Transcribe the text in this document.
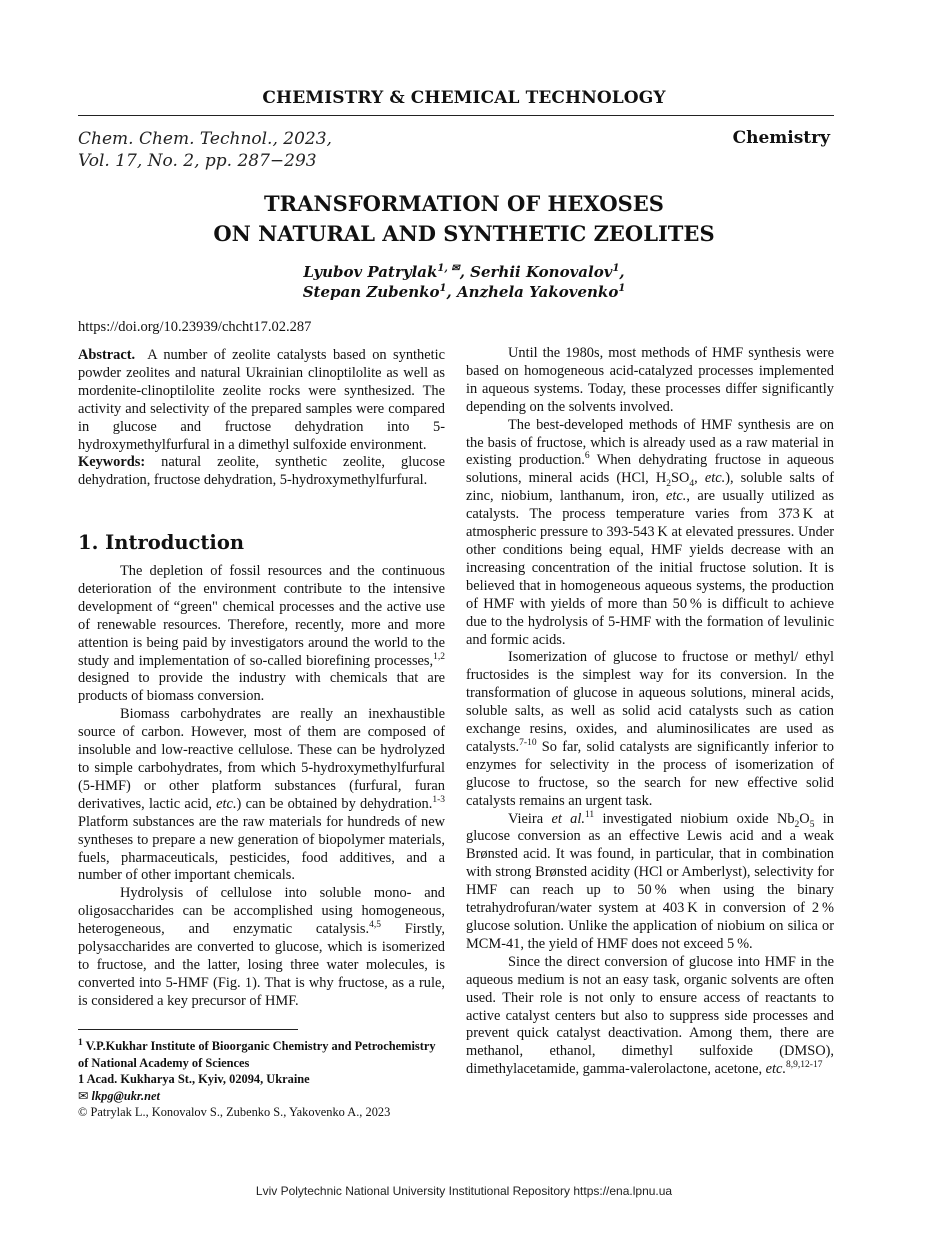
CHEMISTRY & CHEMICAL TECHNOLOGY
Chem. Chem. Technol., 2023,
Vol. 17, No. 2, pp. 287−293
Chemistry
TRANSFORMATION OF HEXOSES
ON NATURAL AND SYNTHETIC ZEOLITES
Lyubov Patrylak$^{1, ✉}$, Serhii Konovalov$^1$,
Stepan Zubenko$^1$, Anzhela Yakovenko$^1$
https://doi.org/10.23939/chcht17.02.287

Abstract. A number of zeolite catalysts based on synthetic powder zeolites and natural Ukrainian clinoptilolite as well as mordenite-clinoptilolite zeolite rocks were synthesized. The activity and selectivity of the prepared samples were compared in glucose and fructose dehydration into 5-hydroxymethylfurfural in a dimethyl sulfoxide environment.

Keywords: natural zeolite, synthetic zeolite, glucose dehydration, fructose dehydration, 5-hydroxymethylfurfural.

1. Introduction

The depletion of fossil resources and the continuous deterioration of the environment contribute to the intensive development of “green" chemical processes and the active use of renewable resources. Therefore, recently, more and more attention is being paid by investigators around the world to the study and implementation of so-called biorefining processes,$^{1,2}$ designed to provide the industry with chemicals that are products of biomass conversion.

Biomass carbohydrates are really an inexhaustible source of carbon. However, most of them are composed of insoluble and low-reactive cellulose. These can be hydrolyzed to simple carbohydrates, from which 5-hydroxymethylfurfural (5-HMF) or other platform substances (furfural, furan derivatives, lactic acid, etc.) can be obtained by dehydration.$^{1-3}$ Platform substances are the raw materials for hundreds of new syntheses to prepare a new generation of biopolymer materials, fuels, pharmaceuticals, pesticides, food additives, and a number of other important chemicals.

Hydrolysis of cellulose into soluble mono- and oligosaccharides can be accomplished using homogeneous, heterogeneous, and enzymatic catalysis.$^{4,5}$ Firstly, polysaccharides are converted to glucose, which is isomerized to fructose, and the latter, losing three water molecules, is converted into 5-HMF (Fig. 1). That is why fructose, as a rule, is considered a key precursor of HMF.

$^1$ V.P.Kukhar Institute of Bioorganic Chemistry and Petrochemistry of National Academy of Sciences
1 Acad. Kukharya St., Kyiv, 02094, Ukraine
✉ lkpg@ukr.net
© Patrylak L., Konovalov S., Zubenko S., Yakovenko A., 2023

Until the 1980s, most methods of HMF synthesis were based on homogeneous acid-catalyzed processes implemented in aqueous systems. Today, these processes differ significantly depending on the solvents involved.

The best-developed methods of HMF synthesis are on the basis of fructose, which is already used as a raw material in existing production.$^6$ When dehydrating fructose in aqueous solutions, mineral acids (HCl, $H_2SO_4$, etc.), soluble salts of zinc, niobium, lanthanum, iron, etc., are usually utilized as catalysts. The process temperature varies from 373 K at atmospheric pressure to 393-543 K at elevated pressures. Under other conditions being equal, HMF yields decrease with an increasing concentration of the initial fructose solution. It is believed that in homogeneous aqueous systems, the production of HMF with yields of more than 50 % is difficult to achieve due to the hydrolysis of 5-HMF with the formation of levulinic and formic acids.

Isomerization of glucose to fructose or methyl/ ethyl fructosides is the simplest way for its conversion. In the transformation of glucose in aqueous solutions, mineral acids, soluble salts, as well as solid acid catalysts such as cation exchange resins, oxides, and aluminosilicates are used as catalysts.$^{7-10}$ So far, solid catalysts are significantly inferior to enzymes for selectivity in the process of isomerization of glucose to fructose, so the search for new effective solid catalysts remains an urgent task.

Vieira et al.$^{11}$ investigated niobium oxide $Nb_2O_5$ in glucose conversion as an effective Lewis acid and a weak Brønsted acid. It was found, in particular, that in combination with strong Brønsted acidity (HCl or Amberlyst), selectivity for HMF can reach up to 50 % when using the binary tetrahydrofuran/water system at 403 K in conversion of 2 % glucose solution. Unlike the application of niobium on silica or MCM-41, the yield of HMF does not exceed 5 %.

Since the direct conversion of glucose into HMF in the aqueous medium is not an easy task, organic solvents are often used. Their role is not only to ensure access of reactants to active catalyst centers but also to suppress side processes and prevent quick catalyst deactivation. Among them, there are methanol, ethanol, dimethyl sulfoxide (DMSO), dimethylacetamide, gamma-valerolactone, acetone, etc.$^{8,9,12-17}$

Lviv Polytechnic National University Institutional Repository https://ena.lpnu.ua
